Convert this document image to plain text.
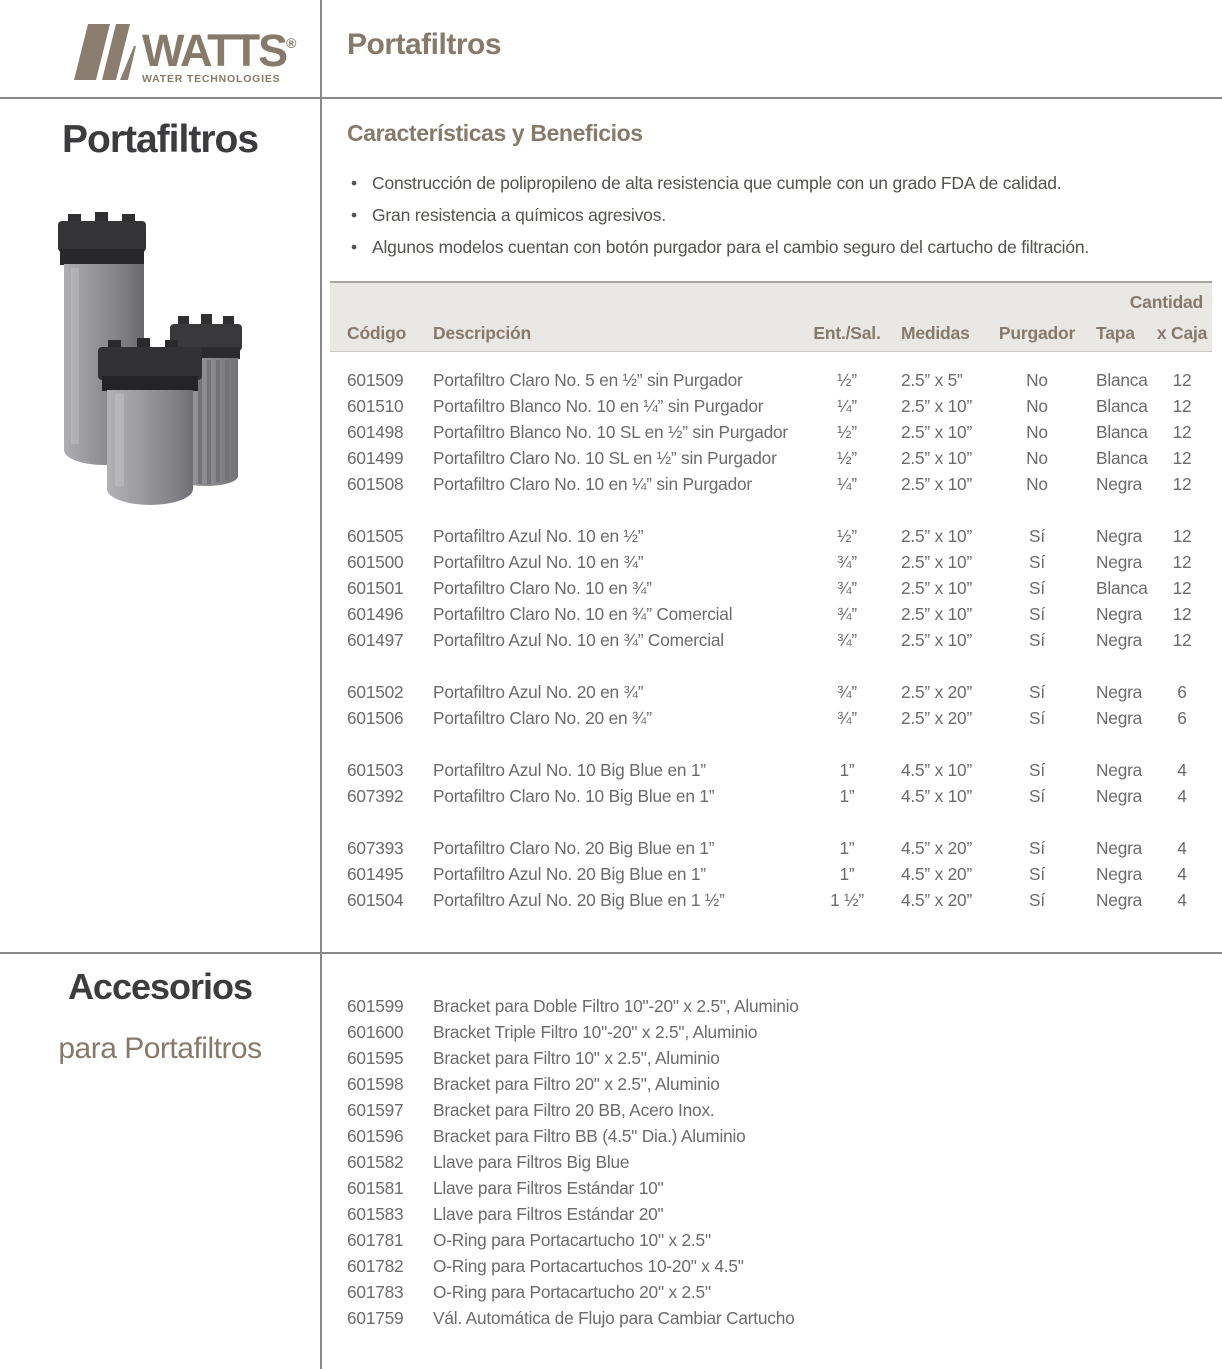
WATTS®
WATER TECHNOLOGIES
Portafiltros
Portafiltros
Accesorios
para Portafiltros
Características y Beneficios
• Construcción de polipropileno de alta resistencia que cumple con un grado FDA de calidad.
• Gran resistencia a químicos agresivos.
• Algunos modelos cuentan con botón purgador para el cambio seguro del cartucho de filtración.
Cantidad
Código	Descripción	Ent./Sal.	Medidas	Purgador	Tapa	x Caja
601509	Portafiltro Claro No. 5 en ½” sin Purgador	½”	2.5” x 5”	No	Blanca	12
601510	Portafiltro Blanco No. 10 en ¼” sin Purgador	¼”	2.5” x 10”	No	Blanca	12
601498	Portafiltro Blanco No. 10 SL en ½” sin Purgador	½”	2.5” x 10”	No	Blanca	12
601499	Portafiltro Claro No. 10 SL en ½” sin Purgador	½”	2.5” x 10”	No	Blanca	12
601508	Portafiltro Claro No. 10 en ¼” sin Purgador	¼”	2.5” x 10”	No	Negra	12
601505	Portafiltro Azul No. 10 en ½”	½”	2.5” x 10”	Sí	Negra	12
601500	Portafiltro Azul No. 10 en ¾”	¾”	2.5” x 10”	Sí	Negra	12
601501	Portafiltro Claro No. 10 en ¾”	¾”	2.5” x 10”	Sí	Blanca	12
601496	Portafiltro Claro No. 10 en ¾” Comercial	¾”	2.5” x 10”	Sí	Negra	12
601497	Portafiltro Azul No. 10 en ¾” Comercial	¾”	2.5” x 10”	Sí	Negra	12
601502	Portafiltro Azul No. 20 en ¾”	¾”	2.5” x 20”	Sí	Negra	6
601506	Portafiltro Claro No. 20 en ¾”	¾”	2.5” x 20”	Sí	Negra	6
601503	Portafiltro Azul No. 10 Big Blue en 1”	1”	4.5” x 10”	Sí	Negra	4
607392	Portafiltro Claro No. 10 Big Blue en 1”	1”	4.5” x 10”	Sí	Negra	4
607393	Portafiltro Claro No. 20 Big Blue en 1”	1”	4.5” x 20”	Sí	Negra	4
601495	Portafiltro Azul No. 20 Big Blue en 1”	1”	4.5” x 20”	Sí	Negra	4
601504	Portafiltro Azul No. 20 Big Blue en 1 ½”	1 ½”	4.5” x 20”	Sí	Negra	4
601599	Bracket para Doble Filtro 10"-20" x 2.5", Aluminio
601600	Bracket Triple Filtro 10"-20" x 2.5", Aluminio
601595	Bracket para Filtro 10" x 2.5", Aluminio
601598	Bracket para Filtro 20" x 2.5", Aluminio
601597	Bracket para Filtro 20 BB, Acero Inox.
601596	Bracket para Filtro BB (4.5" Dia.) Aluminio
601582	Llave para Filtros Big Blue
601581	Llave para Filtros Estándar 10"
601583	Llave para Filtros Estándar 20"
601781	O-Ring para Portacartucho 10" x 2.5"
601782	O-Ring para Portacartuchos 10-20" x 4.5"
601783	O-Ring para Portacartucho 20" x 2.5"
601759	Vál. Automática de Flujo para Cambiar Cartucho
